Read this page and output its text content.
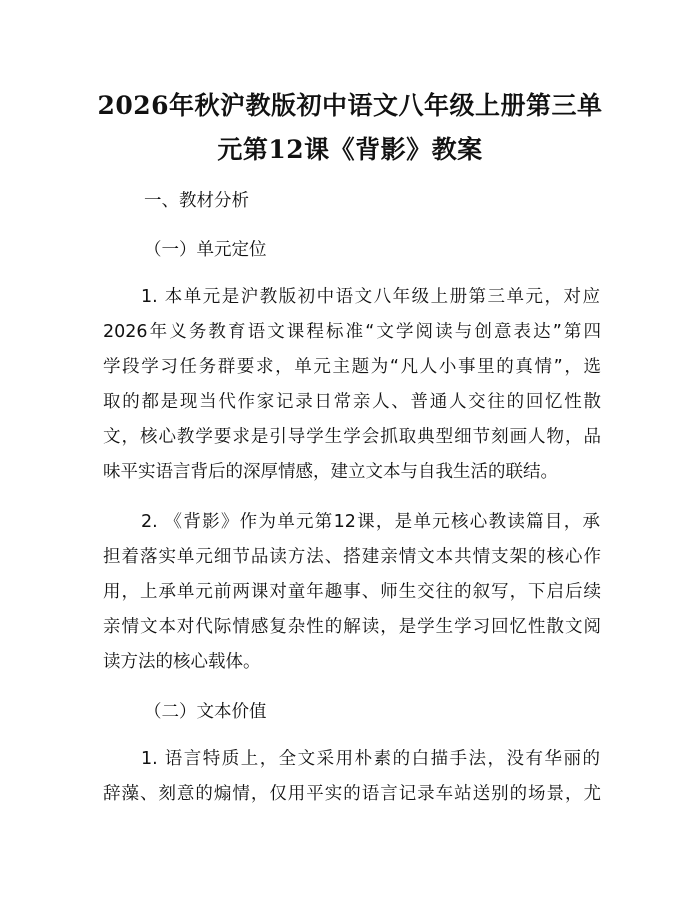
2026年秋沪教版初中语文八年级上册第三单
元第12课《背影》教案
一、教材分析
（一）单元定位
1. 本单元是沪教版初中语文八年级上册第三单元，对应
2026年义务教育语文课程标准“文学阅读与创意表达”第四
学段学习任务群要求，单元主题为“凡人小事里的真情”，选
取的都是现当代作家记录日常亲人、普通人交往的回忆性散
文，核心教学要求是引导学生学会抓取典型细节刻画人物，品
味平实语言背后的深厚情感，建立文本与自我生活的联结。
2. 《背影》作为单元第12课，是单元核心教读篇目，承
担着落实单元细节品读方法、搭建亲情文本共情支架的核心作
用，上承单元前两课对童年趣事、师生交往的叙写，下启后续
亲情文本对代际情感复杂性的解读，是学生学习回忆性散文阅
读方法的核心载体。
（二）文本价值
1. 语言特质上，全文采用朴素的白描手法，没有华丽的
辞藻、刻意的煽情，仅用平实的语言记录车站送别的场景，尤
